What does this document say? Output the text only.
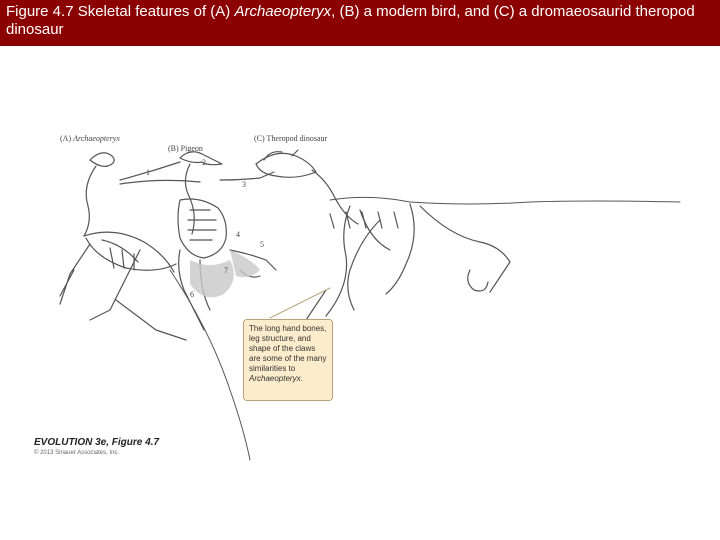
Figure 4.7 Skeletal features of (A) Archaeopteryx, (B) a modern bird, and (C) a dromaeosaurid theropod dinosaur
(A) Archaeopteryx
(B) Pigeon
(C) Theropod dinosaur
1
2
3
4
5
6
7
The long hand bones, leg structure, and shape of the claws are some of the many similarities to Archaeopteryx.
EVOLUTION 3e, Figure 4.7
© 2013 Sinauer Associates, Inc.
